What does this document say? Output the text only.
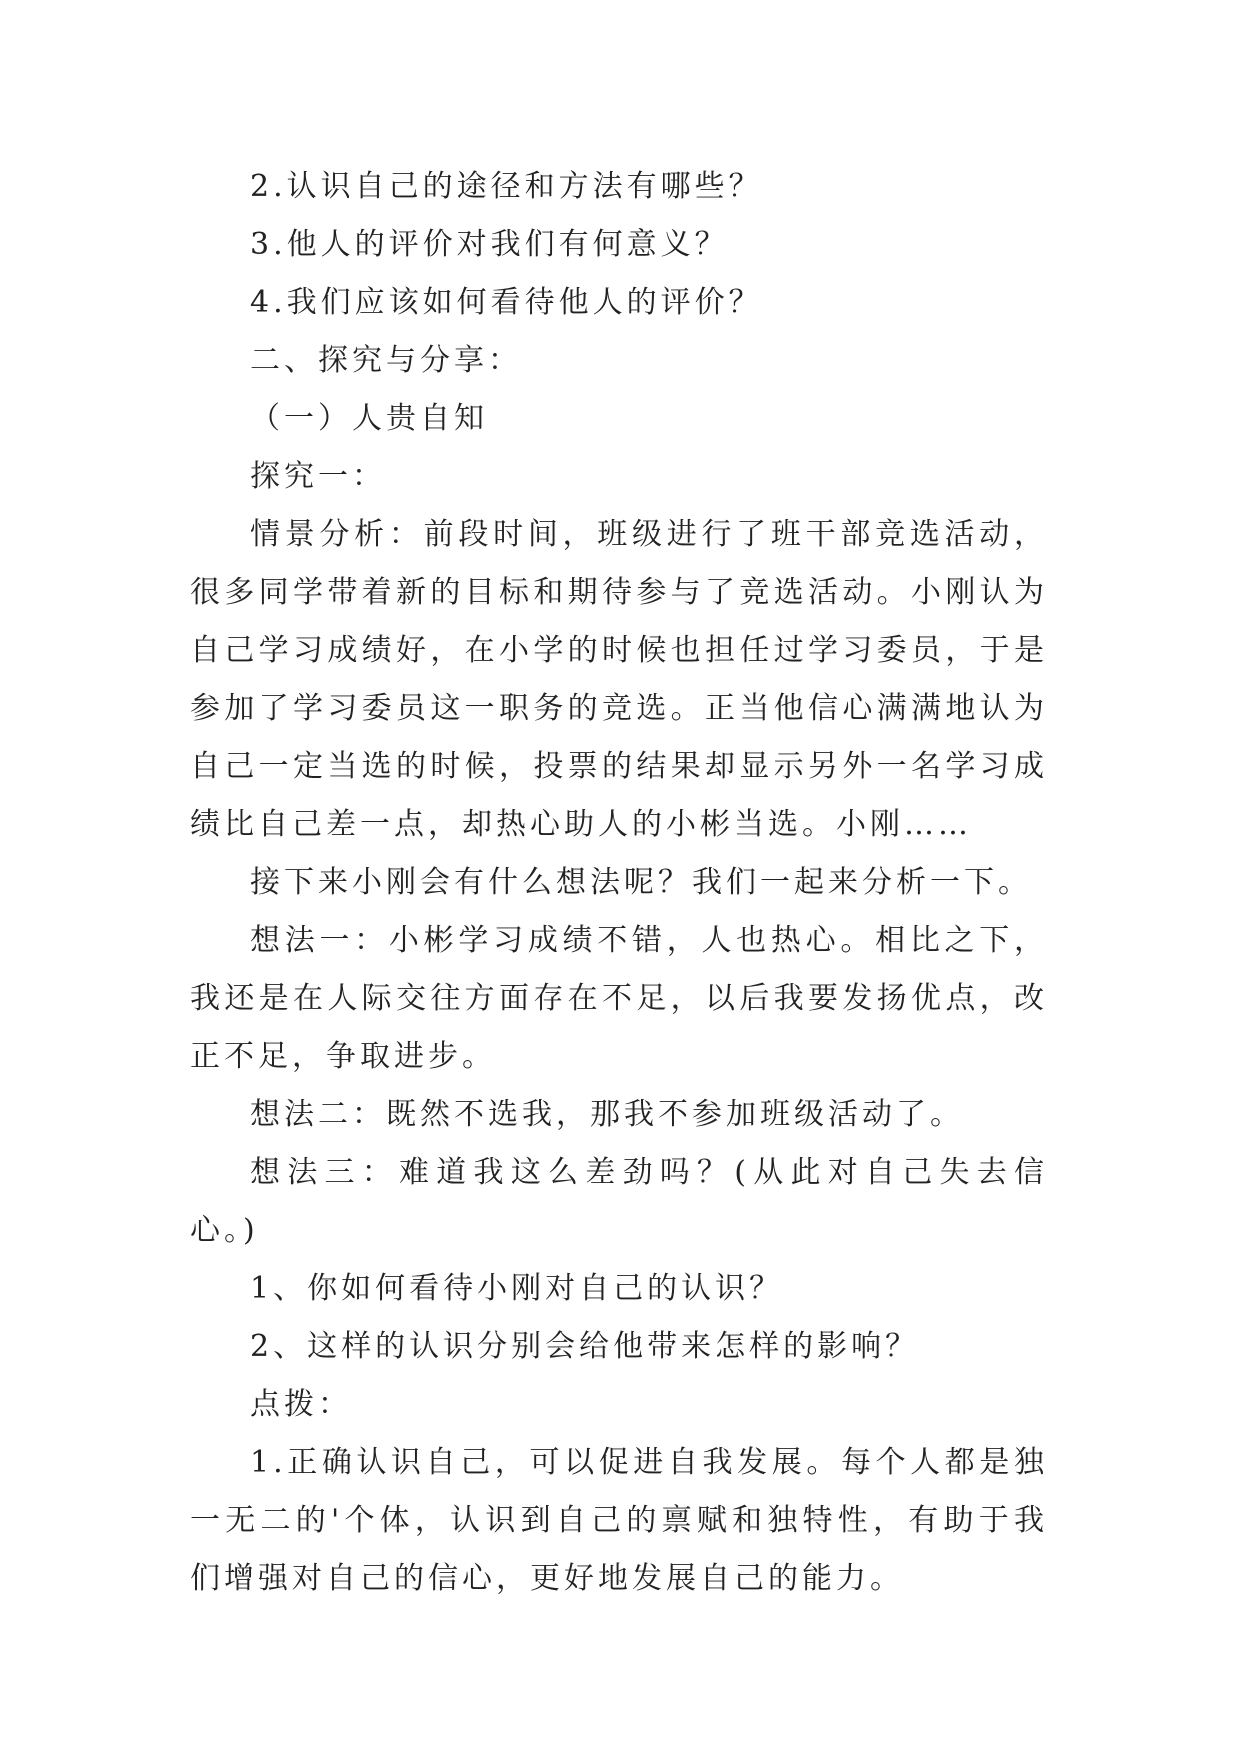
2.认识自己的途径和方法有哪些？

3.他人的评价对我们有何意义？

4.我们应该如何看待他人的评价？

二、探究与分享：

（一）人贵自知

探究一：

情景分析：前段时间，班级进行了班干部竞选活动，很多同学带着新的目标和期待参与了竞选活动。小刚认为自己学习成绩好，在小学的时候也担任过学习委员，于是参加了学习委员这一职务的竞选。正当他信心满满地认为自己一定当选的时候，投票的结果却显示另外一名学习成绩比自己差一点，却热心助人的小彬当选。小刚……

接下来小刚会有什么想法呢？我们一起来分析一下。

想法一：小彬学习成绩不错，人也热心。相比之下，我还是在人际交往方面存在不足，以后我要发扬优点，改正不足，争取进步。

想法二：既然不选我，那我不参加班级活动了。

想法三：难道我这么差劲吗？(从此对自己失去信心。)

1、你如何看待小刚对自己的认识？

2、这样的认识分别会给他带来怎样的影响？

点拨：

1.正确认识自己，可以促进自我发展。每个人都是独一无二的'个体，认识到自己的禀赋和独特性，有助于我们增强对自己的信心，更好地发展自己的能力。
